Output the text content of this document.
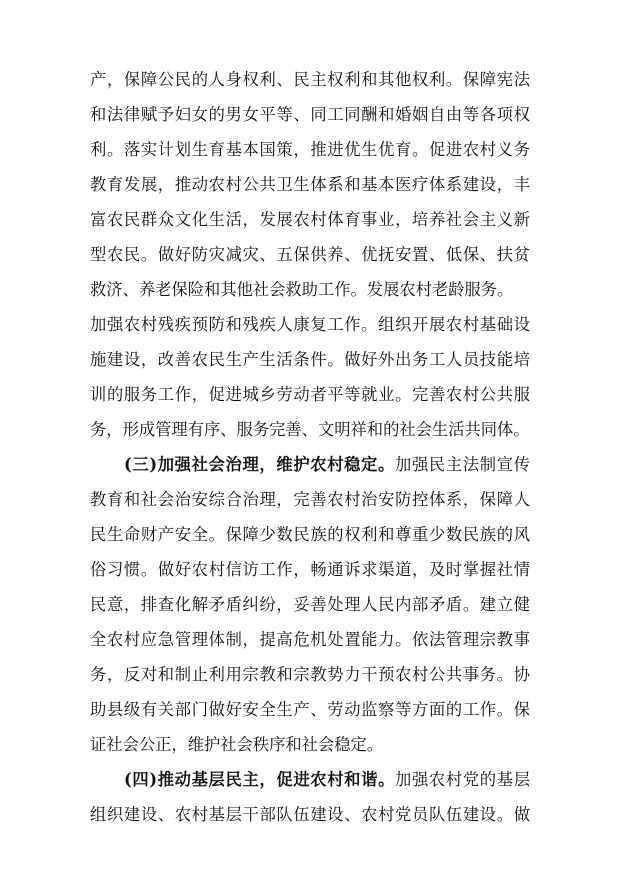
产，保障公民的人身权利、民主权利和其他权利。保障宪法
和法律赋予妇女的男女平等、同工同酬和婚姻自由等各项权
利。落实计划生育基本国策，推进优生优育。促进农村义务
教育发展，推动农村公共卫生体系和基本医疗体系建设，丰
富农民群众文化生活，发展农村体育事业，培养社会主义新
型农民。做好防灾减灾、五保供养、优抚安置、低保、扶贫
救济、养老保险和其他社会救助工作。发展农村老龄服务。
加强农村残疾预防和残疾人康复工作。组织开展农村基础设
施建设，改善农民生产生活条件。做好外出务工人员技能培
训的服务工作，促进城乡劳动者平等就业。完善农村公共服
务，形成管理有序、服务完善、文明祥和的社会生活共同体。
(三)加强社会治理，维护农村稳定。加强民主法制宣传
教育和社会治安综合治理，完善农村治安防控体系，保障人
民生命财产安全。保障少数民族的权利和尊重少数民族的风
俗习惯。做好农村信访工作，畅通诉求渠道，及时掌握社情
民意，排查化解矛盾纠纷，妥善处理人民内部矛盾。建立健
全农村应急管理体制，提高危机处置能力。依法管理宗教事
务，反对和制止利用宗教和宗教势力干预农村公共事务。协
助县级有关部门做好安全生产、劳动监察等方面的工作。保
证社会公正，维护社会秩序和社会稳定。
(四)推动基层民主，促进农村和谐。加强农村党的基层
组织建设、农村基层干部队伍建设、农村党员队伍建设。做
